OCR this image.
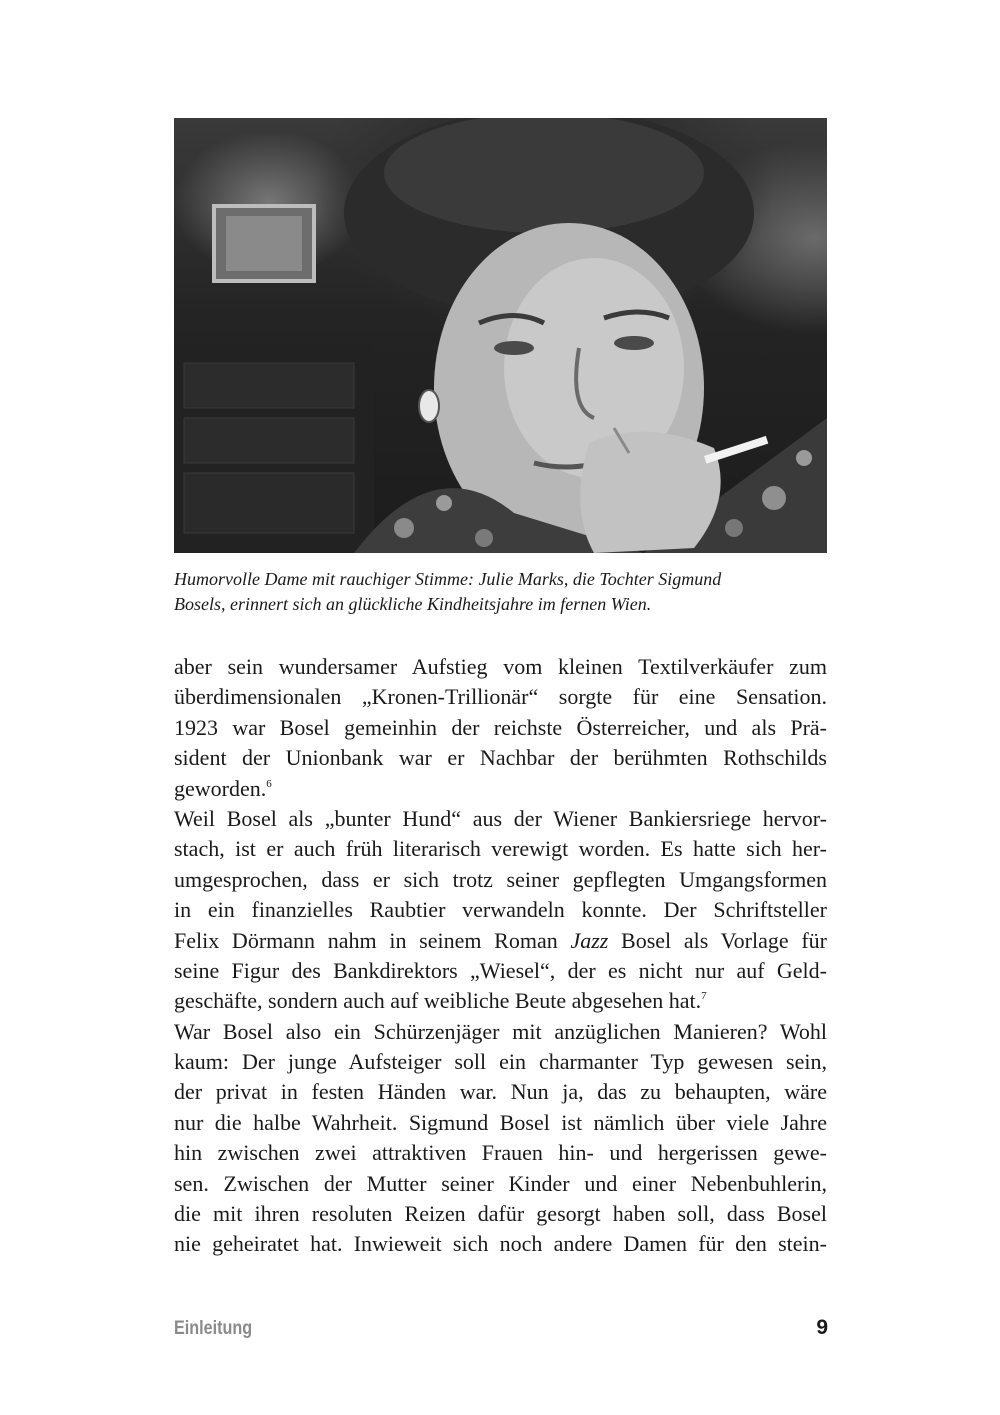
Humorvolle Dame mit rauchiger Stimme: Julie Marks, die Tochter Sigmund
Bosels, erinnert sich an glückliche Kindheitsjahre im fernen Wien.
aber sein wundersamer Aufstieg vom kleinen Textilverkäufer zum
überdimensionalen „Kronen-Trillionär“ sorgte für eine Sensation.
1923 war Bosel gemeinhin der reichste Österreicher, und als Prä-
sident der Unionbank war er Nachbar der berühmten Rothschilds
geworden.$^6$
Weil Bosel als „bunter Hund“ aus der Wiener Bankiersriege hervor-
stach, ist er auch früh literarisch verewigt worden. Es hatte sich her-
umgesprochen, dass er sich trotz seiner gepflegten Umgangsformen
in ein finanzielles Raubtier verwandeln konnte. Der Schriftsteller
Felix Dörmann nahm in seinem Roman Jazz Bosel als Vorlage für
seine Figur des Bankdirektors „Wiesel“, der es nicht nur auf Geld-
geschäfte, sondern auch auf weibliche Beute abgesehen hat.$^7$
War Bosel also ein Schürzenjäger mit anzüglichen Manieren? Wohl
kaum: Der junge Aufsteiger soll ein charmanter Typ gewesen sein,
der privat in festen Händen war. Nun ja, das zu behaupten, wäre
nur die halbe Wahrheit. Sigmund Bosel ist nämlich über viele Jahre
hin zwischen zwei attraktiven Frauen hin- und hergerissen gewe-
sen. Zwischen der Mutter seiner Kinder und einer Nebenbuhlerin,
die mit ihren resoluten Reizen dafür gesorgt haben soll, dass Bosel
nie geheiratet hat. Inwieweit sich noch andere Damen für den stein-
Einleitung	9
